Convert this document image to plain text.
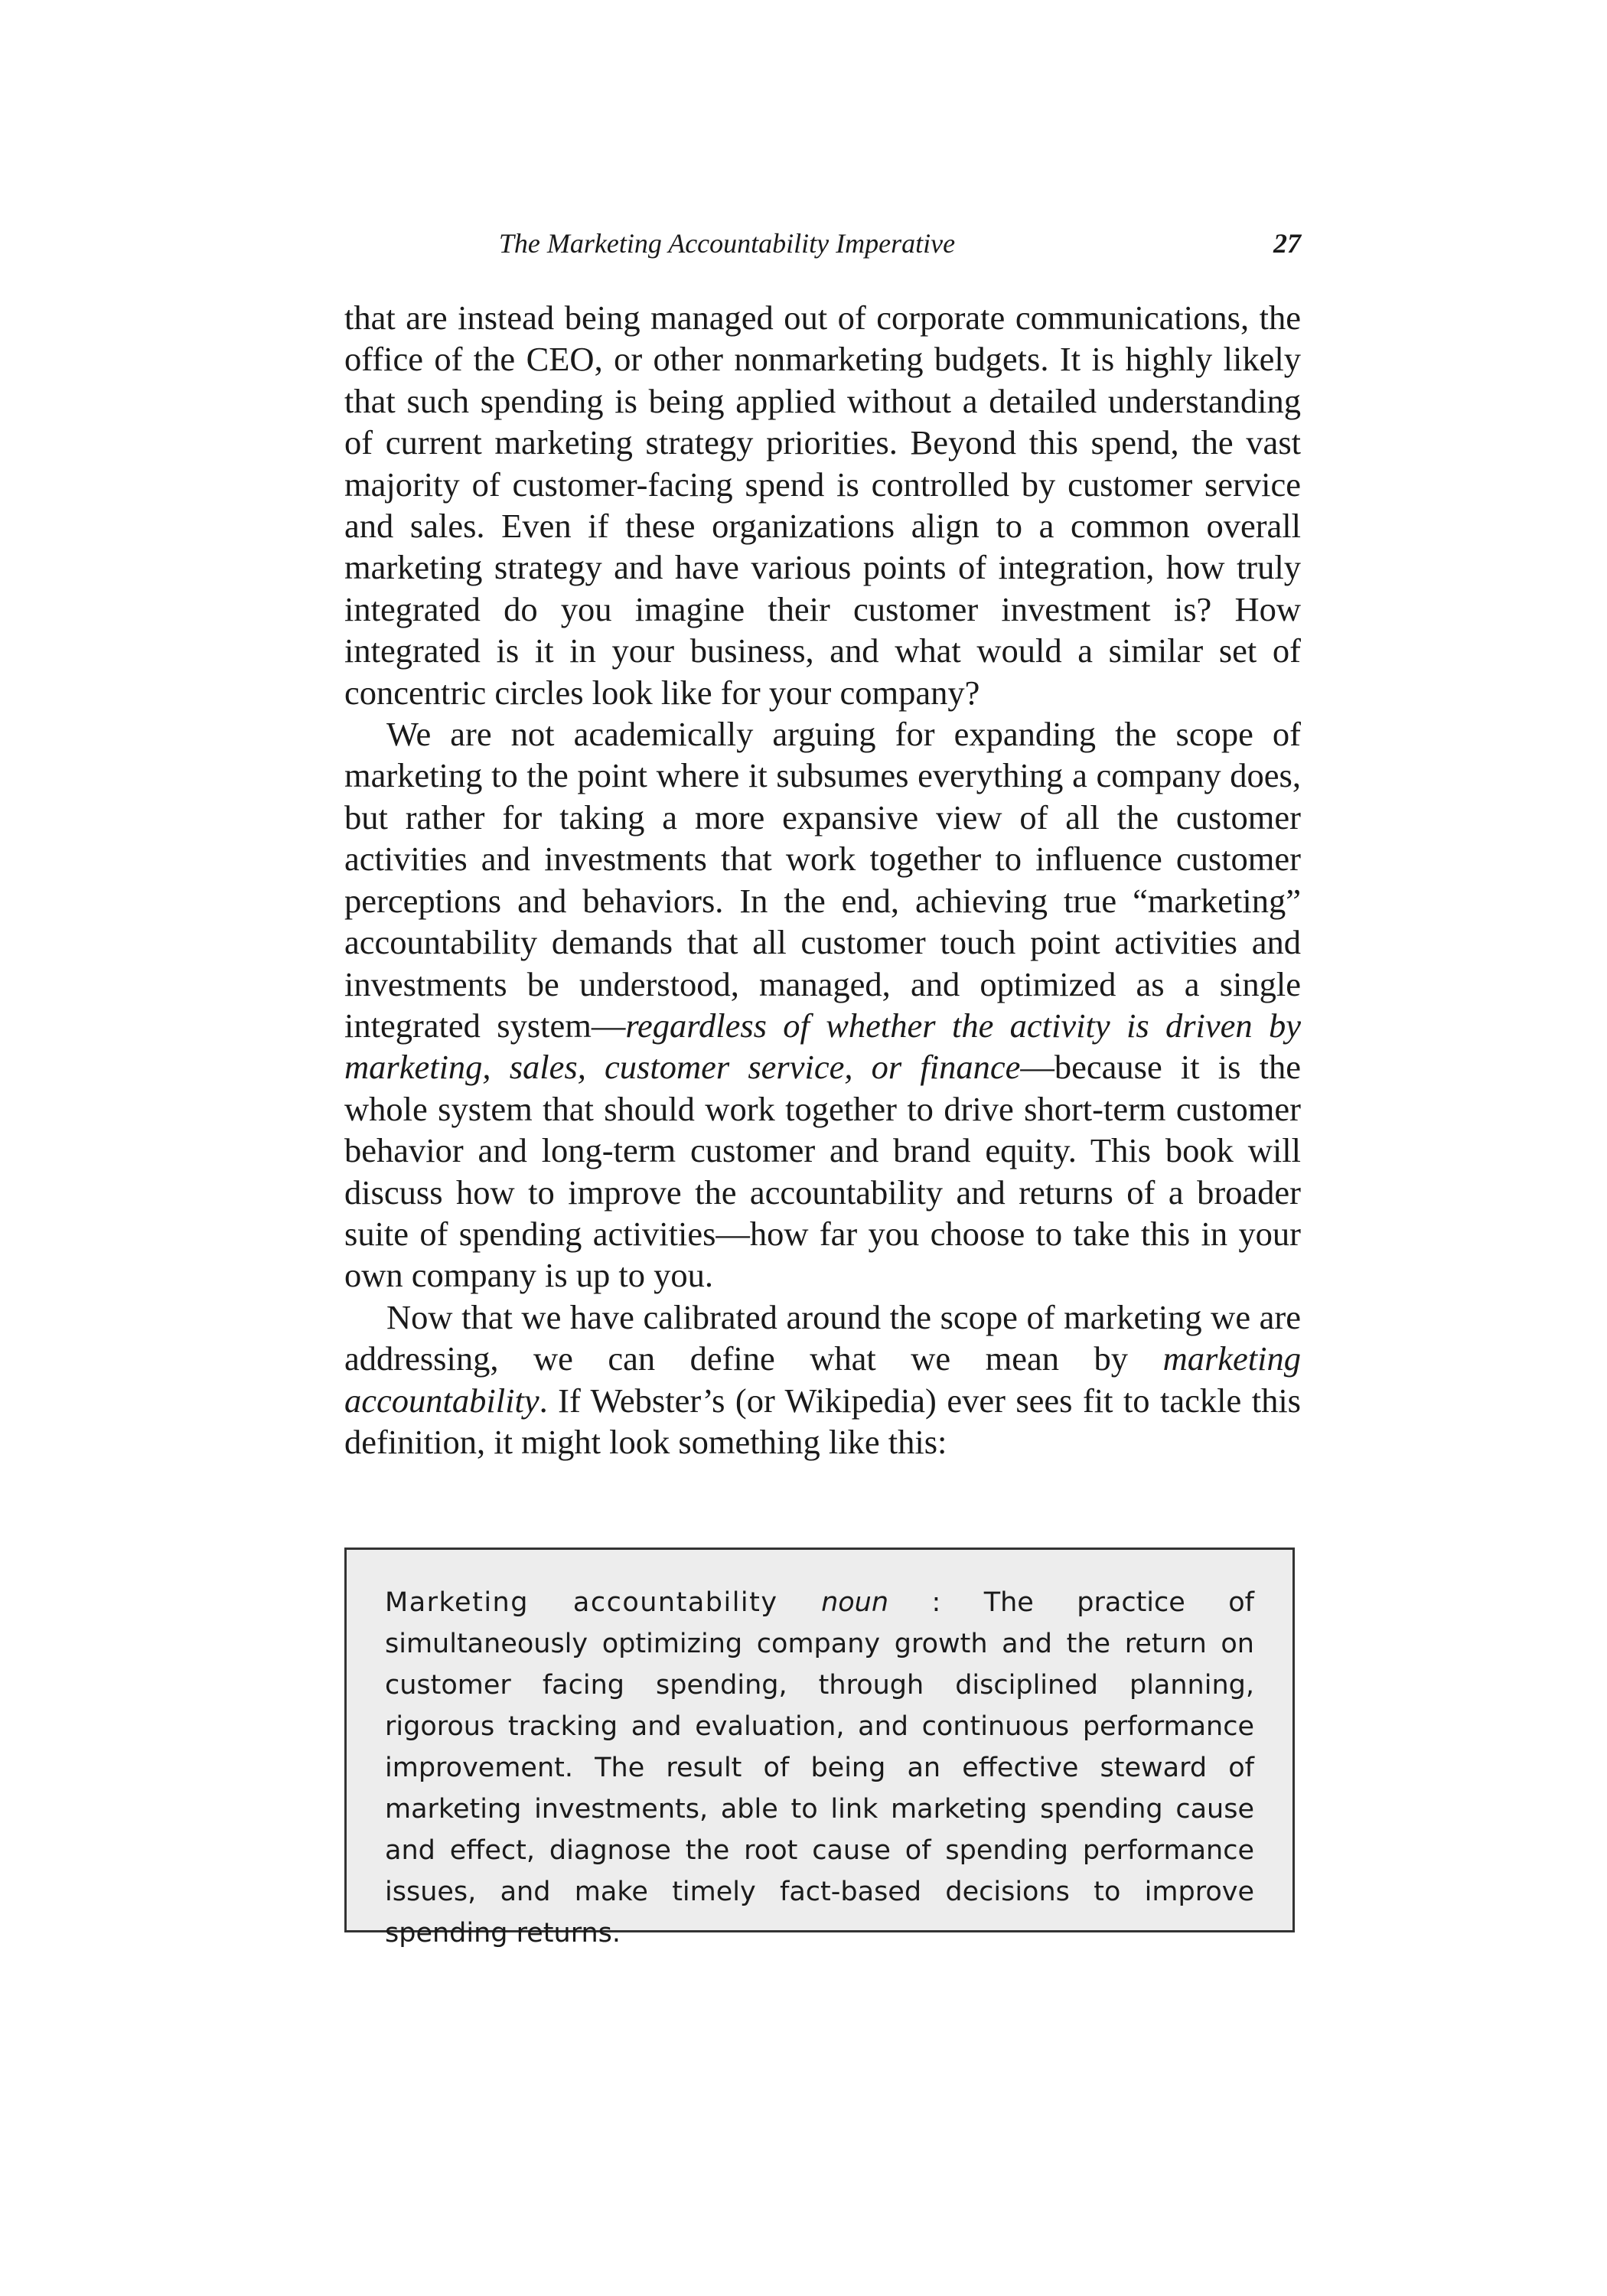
The Marketing Accountability Imperative	27

that are instead being managed out of corporate communications, the office of the CEO, or other nonmarketing budgets. It is highly likely that such spending is being applied without a detailed understanding of current marketing strategy priorities. Beyond this spend, the vast majority of customer-facing spend is controlled by customer service and sales. Even if these organizations align to a common overall marketing strategy and have various points of integration, how truly integrated do you imagine their customer investment is? How integrated is it in your business, and what would a similar set of concentric circles look like for your company?

We are not academically arguing for expanding the scope of marketing to the point where it subsumes everything a company does, but rather for taking a more expansive view of all the customer activities and investments that work together to influence customer perceptions and behaviors. In the end, achieving true “marketing” accountability demands that all customer touch point activities and investments be understood, managed, and optimized as a single integrated system—regardless of whether the activity is driven by marketing, sales, customer service, or finance—because it is the whole system that should work together to drive short-term customer behavior and long-term customer and brand equity. This book will discuss how to improve the accountability and returns of a broader suite of spending activities—how far you choose to take this in your own company is up to you.

Now that we have calibrated around the scope of marketing we are addressing, we can define what we mean by marketing accountability. If Webster’s (or Wikipedia) ever sees fit to tackle this definition, it might look something like this:

Marketing accountability noun : The practice of simultaneously optimizing company growth and the return on customer facing spending, through disciplined planning, rigorous tracking and evaluation, and continuous performance improvement. The result of being an effective steward of marketing investments, able to link marketing spending cause and effect, diagnose the root cause of spending performance issues, and make timely fact-based decisions to improve spending returns.
